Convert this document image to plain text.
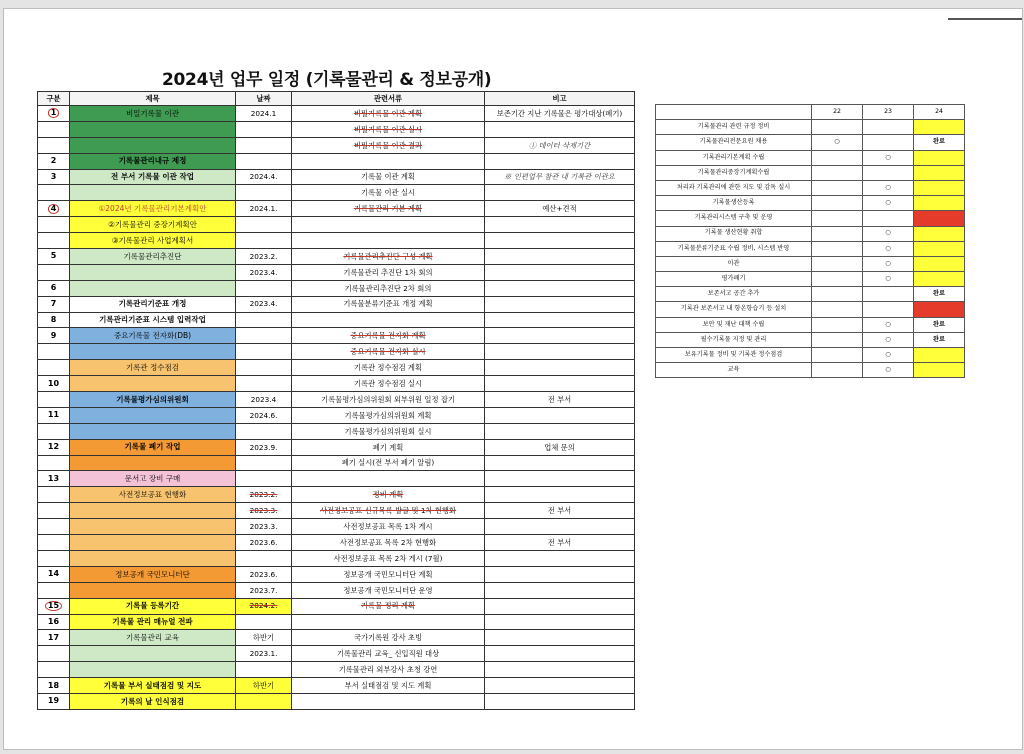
2024년 업무 일정 (기록물관리 & 정보공개)
구분	제목	날짜	관련서류	비고
1	비밀기록물 이관	2024.1	비밀기록물 이관 계획	보존기간 지난 기록물은 평가대상(폐기)
			비밀기록물 이관 실시	
			비밀기록물 이관 결과	ⓛ 데이터 삭제기간
2	기록물관리내규 제정			
3	전 부서 기록물 이관 작업	2024.4.	기록물 이관 계획	※ 인편업무 참관 내 기록관 이관요
			기록물 이관 실시	
4	①2024년 기록물관리기본계획안	2024.1.	기록물관리 기본 계획	예산+견적
	②기록물관리 중장기계획안			
	③기록물관리 사업계획서			
5	기록물관리추진단	2023.2.	기록물관리추진단 구성 계획	
		2023.4.	기록물관리 추진단 1차 회의	
6			기록물관리추진단 2차 회의	
7	기록관리기준표 개정	2023.4.	기록물분류기준표 개정 계획	
8	기록관리기준표 시스템 입력작업			
9	중요기록물 전자화(DB)		중요기록물 전자화 계획	
			중요기록물 전자화 실시	
	기록관 정수점검		기록관 정수점검 계획	
10			기록관 정수점검 실시	
	기록물평가심의위원회	2023.4	기록물평가심의위원회 외부위원 일정 잡기	전 부서
11		2024.6.	기록물평가심의위원회 계획	
			기록물평가심의위원회 실시	
12	기록물 폐기 작업	2023.9.	폐기 계획	업체 문의
			폐기 실시(전 부서 폐기 알림)	
13	문서고 장비 구매			
	사전정보공표 현행화	2023.2.	정비 계획	
		2023.3.	사전정보공표 신규목록 발굴 및 1차 현행화	전 부서
		2023.3.	사전정보공표 목록 1차 게시	
		2023.6.	사전정보공표 목록 2차 현행화	전 부서
			사전정보공표 목록 2차 게시 (7월)	
14	정보공개 국민모니터단	2023.6.	정보공개 국민모니터단 계획	
		2023.7.	정보공개 국민모니터단 운영	
15	기록물 등록기간	2024.2.	기록물 정리 계획	
16	기록물 관리 매뉴얼 전파			
17	기록물관리 교육	하반기	국가기록원 강사 초빙	
		2023.1.	기록물관리 교육_ 신입직원 대상	
			기록물관리 외부강사 초청 강연	
18	기록물 부서 실태점검 및 지도	하반기	부서 실태점검 및 지도 계획	
19	기록의 날 인식점검			
	22	23	24
기록물관리 관련 규정 정비			
기록물관리전문요원 채용	○		완료
기록관리기본계획 수립		○	
기록물관리중장기계획수립			
처리과 기록관리에 관한 지도 및 감독 실시		○	
기록물생산등록		○	
기록관리시스템 구축 및 운영			
기록물 생산현황 취합		○	
기록물분류기준표 수립 정비, 시스템 반영		○	
이관		○	
평가폐기		○	
보존서고 공간 추가			완료
기록관 보존서고 내 항온항습기 등 설치			
보안 및 재난 대책 수립		○	완료
필수기록물 지정 및 관리		○	완료
보유기록물 정비 및 기록관 정수점검		○	
교육		○	
